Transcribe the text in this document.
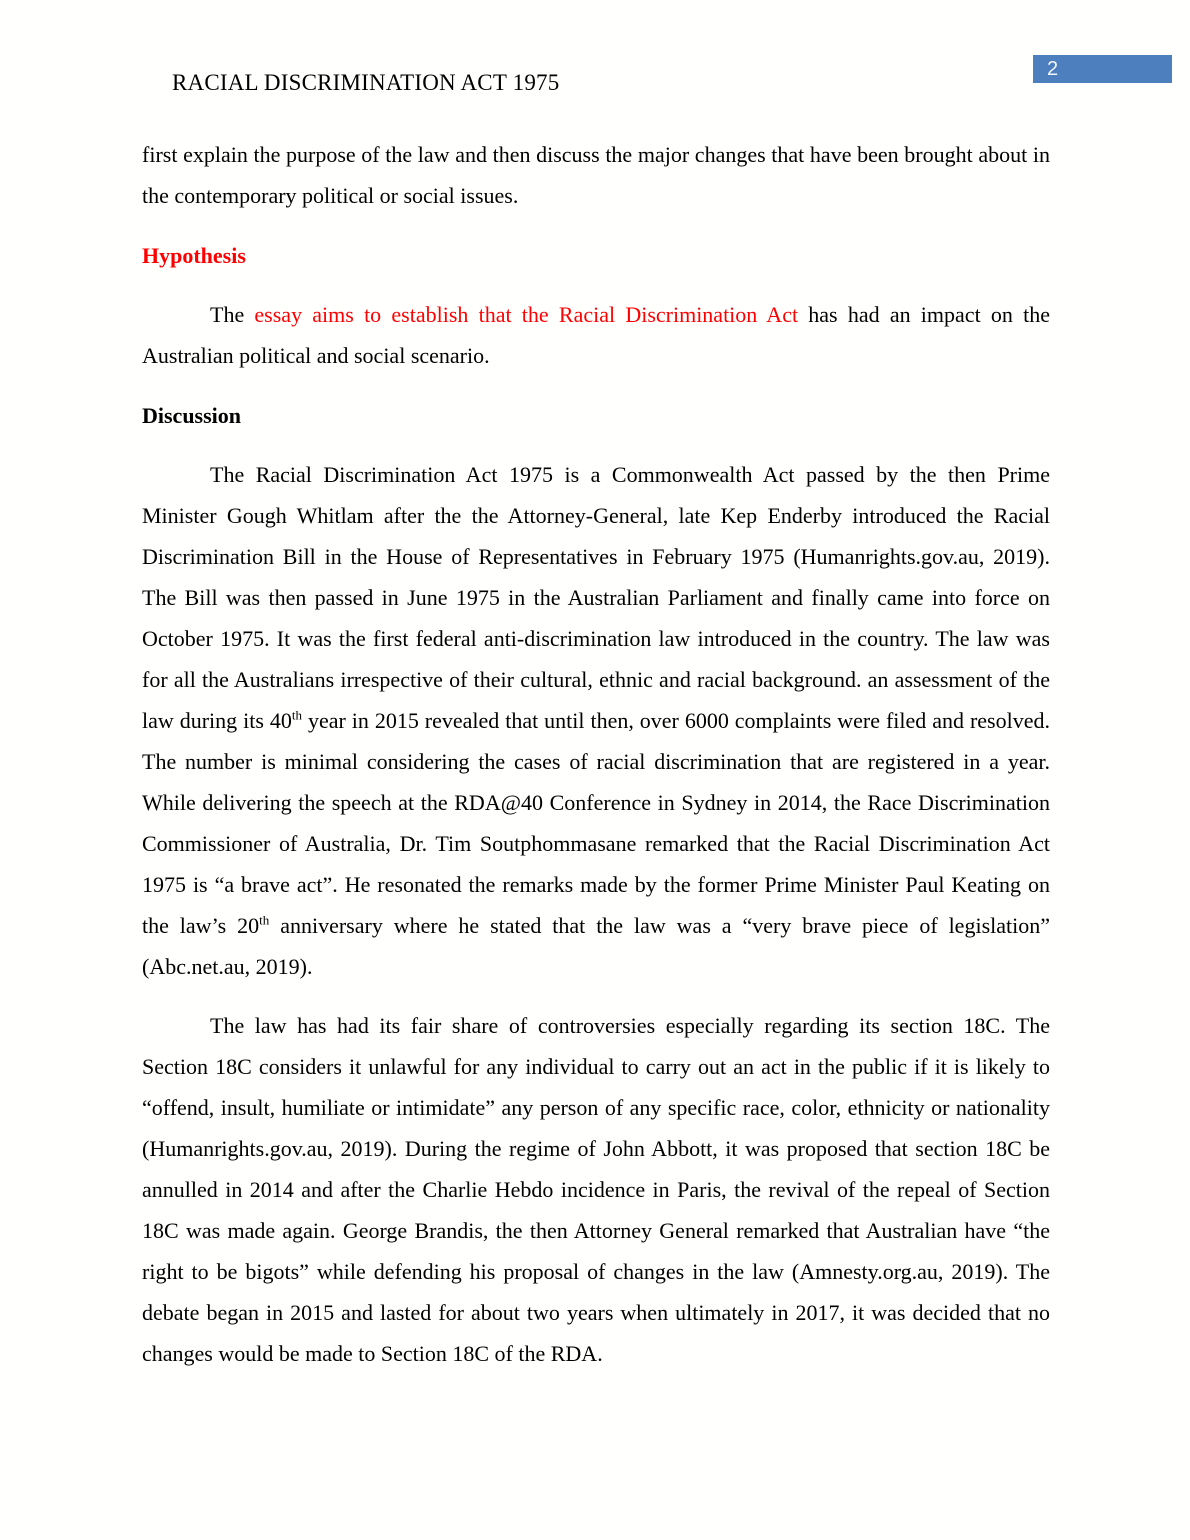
RACIAL DISCRIMINATION ACT 1975
2

first explain the purpose of the law and then discuss the major changes that have been brought about in the contemporary political or social issues.

Hypothesis

The essay aims to establish that the Racial Discrimination Act has had an impact on the Australian political and social scenario.

Discussion

The Racial Discrimination Act 1975 is a Commonwealth Act passed by the then Prime Minister Gough Whitlam after the the Attorney-General, late Kep Enderby introduced the Racial Discrimination Bill in the House of Representatives in February 1975 (Humanrights.gov.au, 2019). The Bill was then passed in June 1975 in the Australian Parliament and finally came into force on October 1975. It was the first federal anti-discrimination law introduced in the country. The law was for all the Australians irrespective of their cultural, ethnic and racial background. an assessment of the law during its 40th year in 2015 revealed that until then, over 6000 complaints were filed and resolved. The number is minimal considering the cases of racial discrimination that are registered in a year. While delivering the speech at the RDA@40 Conference in Sydney in 2014, the Race Discrimination Commissioner of Australia, Dr. Tim Soutphommasane remarked that the Racial Discrimination Act 1975 is “a brave act”. He resonated the remarks made by the former Prime Minister Paul Keating on the law’s 20th anniversary where he stated that the law was a “very brave piece of legislation” (Abc.net.au, 2019).

The law has had its fair share of controversies especially regarding its section 18C. The Section 18C considers it unlawful for any individual to carry out an act in the public if it is likely to “offend, insult, humiliate or intimidate” any person of any specific race, color, ethnicity or nationality (Humanrights.gov.au, 2019). During the regime of John Abbott, it was proposed that section 18C be annulled in 2014 and after the Charlie Hebdo incidence in Paris, the revival of the repeal of Section 18C was made again. George Brandis, the then Attorney General remarked that Australian have “the right to be bigots” while defending his proposal of changes in the law (Amnesty.org.au, 2019). The debate began in 2015 and lasted for about two years when ultimately in 2017, it was decided that no changes would be made to Section 18C of the RDA.
